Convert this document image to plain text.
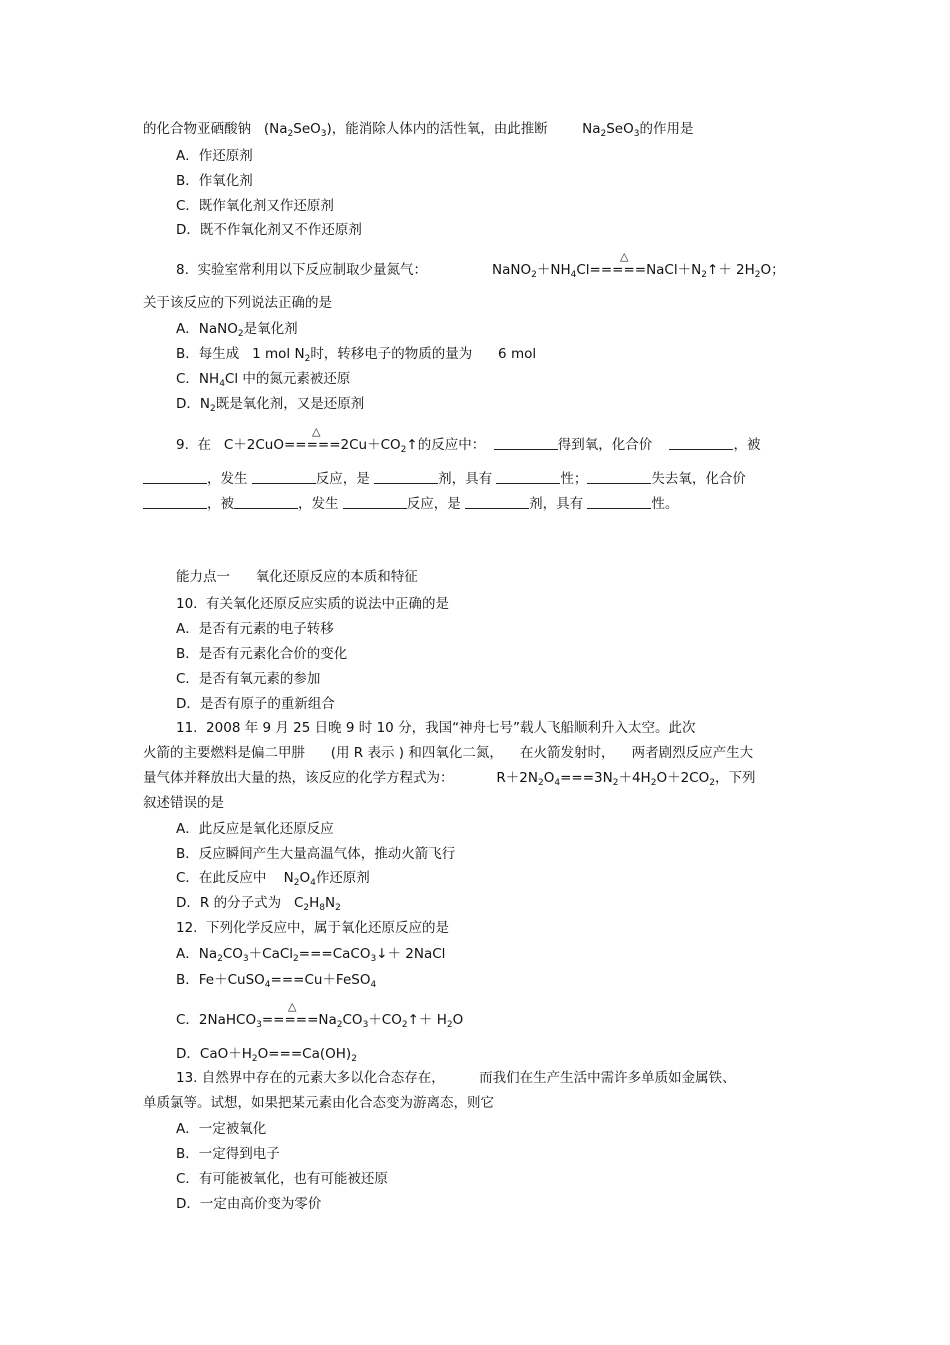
的化合物亚硒酸钠 $(Na_2SeO_3)$，能消除人体内的活性氧，由此推断	$Na_2SeO_3$的作用是
A．作还原剂
B．作氧化剂
C．既作氧化剂又作还原剂
D．既不作氧化剂又不作还原剂
△
8.  实验室常利用以下反应制取少量氮气：	$NaNO_2+NH_4Cl=====NaCl+N_2↑+ 2H_2O$；
关于该反应的下列说法正确的是
A．NaNO$_2$是氧化剂
B．每生成   1 mol $N_2$时，转移电子的物质的量为      6 mol
C．$NH_4Cl$ 中的氮元素被还原
D．$N_2$既是氧化剂，又是还原剂
△
9.  在   $C+2CuO=====2Cu+CO_2↑$的反应中：	得到氧，化合价	，被
，发生	反应，是	剂，具有	性；	失去氧，化合价
，被	，发生	反应，是	剂，具有	性。
能力点一      氧化还原反应的本质和特征
10.  有关氧化还原反应实质的说法中正确的是
A．是否有元素的电子转移
B．是否有元素化合价的变化
C．是否有氧元素的参加
D．是否有原子的重新组合
11.  2008 年 9 月 25 日晚 9 时 10 分，我国“神舟七号”载人飞船顺利升入太空。此次
火箭的主要燃料是偏二甲肼      (用 R 表示 ) 和四氧化二氮，    在火箭发射时，    两者剧烈反应产生大
量气体并释放出大量的热，该反应的化学方程式为：	$R+2N_2O_4===3N_2+4H_2O+2CO_2$，下列
叙述错误的是
A．此反应是氧化还原反应
B．反应瞬间产生大量高温气体，推动火箭飞行
C．在此反应中    $N_2O_4$作还原剂
D．R 的分子式为   $C_2H_8N_2$
12.  下列化学反应中，属于氧化还原反应的是
A．$Na_2CO_3+CaCl_2===CaCO_3↓+$ 2NaCl
B．Fe＋CuSO$_4$===Cu＋FeSO$_4$
△
C．$2NaHCO_3=====Na_2CO_3+CO_2↑+ H_2O$
D．$CaO+H_2O===Ca(OH)_2$
13. 自然界中存在的元素大多以化合态存在，        而我们在生产生活中需许多单质如金属铁、
单质氯等。试想，如果把某元素由化合态变为游离态，则它
A．一定被氧化
B．一定得到电子
C．有可能被氧化，也有可能被还原
D．一定由高价变为零价
